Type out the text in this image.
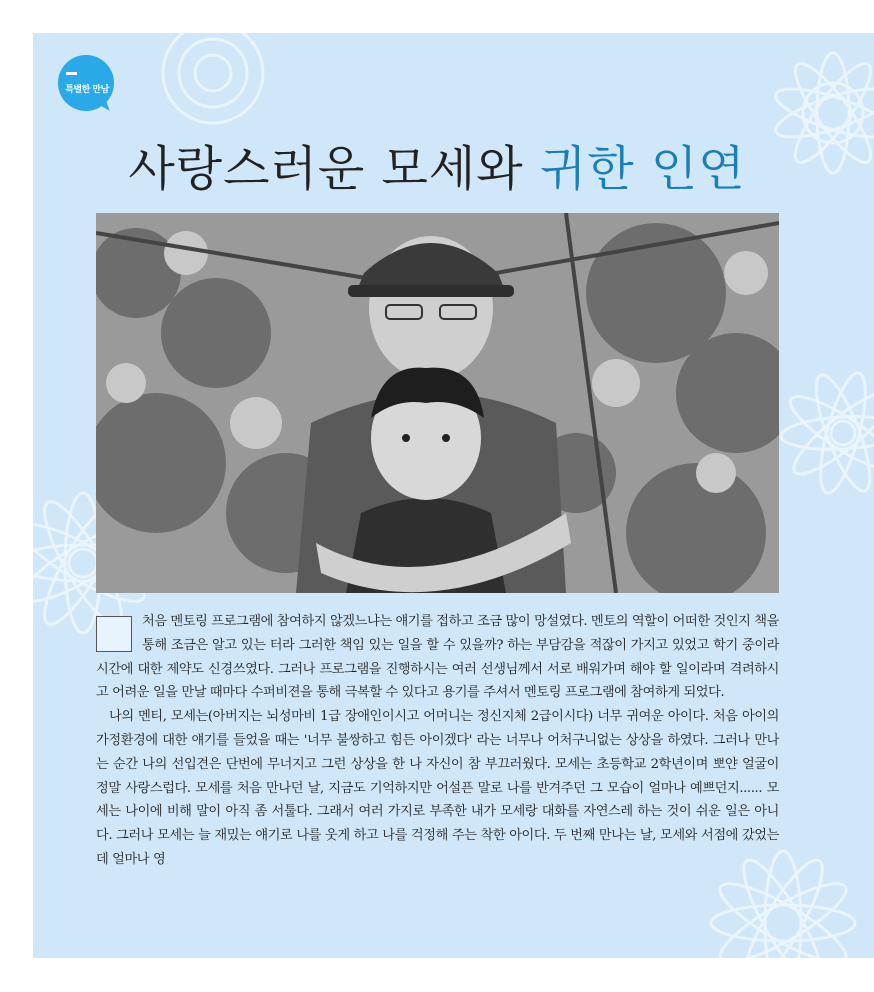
특별한 만남
사랑스러운 모세와 귀한 인연

처음 멘토링 프로그램에 참여하지 않겠느냐는 얘기를 접하고 조금 많이 망설였다. 멘토의 역할이 어떠한 것인지 책을 통해 조금은 알고 있는 터라 그러한 책임 있는 일을 할 수 있을까? 하는 부담감을 적잖이 가지고 있었고 학기 중이라 시간에 대한 제약도 신경쓰였다. 그러나 프로그램을 진행하시는 여러 선생님께서 서로 배워가며 해야 할 일이라며 격려하시고 어려운 일을 만날 때마다 수퍼비젼을 통해 극복할 수 있다고 용기를 주셔서 멘토링 프로그램에 참여하게 되었다.

나의 멘티, 모세는(아버지는 뇌성마비 1급 장애인이시고 어머니는 정신지체 2급이시다) 너무 귀여운 아이다. 처음 아이의 가정환경에 대한 얘기를 들었을 때는 '너무 불쌍하고 힘든 아이겠다' 라는 너무나 어처구니없는 상상을 하였다. 그러나 만나는 순간 나의 선입견은 단번에 무너지고 그런 상상을 한 나 자신이 참 부끄러웠다. 모세는 초등학교 2학년이며 뽀얀 얼굴이 정말 사랑스럽다. 모세를 처음 만나던 날, 지금도 기억하지만 어설픈 말로 나를 반겨주던 그 모습이 얼마나 예쁘던지...... 모세는 나이에 비해 말이 아직 좀 서툴다. 그래서 여러 가지로 부족한 내가 모세랑 대화를 자연스레 하는 것이 쉬운 일은 아니다. 그러나 모세는 늘 재밌는 얘기로 나를 웃게 하고 나를 걱정해 주는 착한 아이다. 두 번째 만나는 날, 모세와 서점에 갔었는데 얼마나 영
